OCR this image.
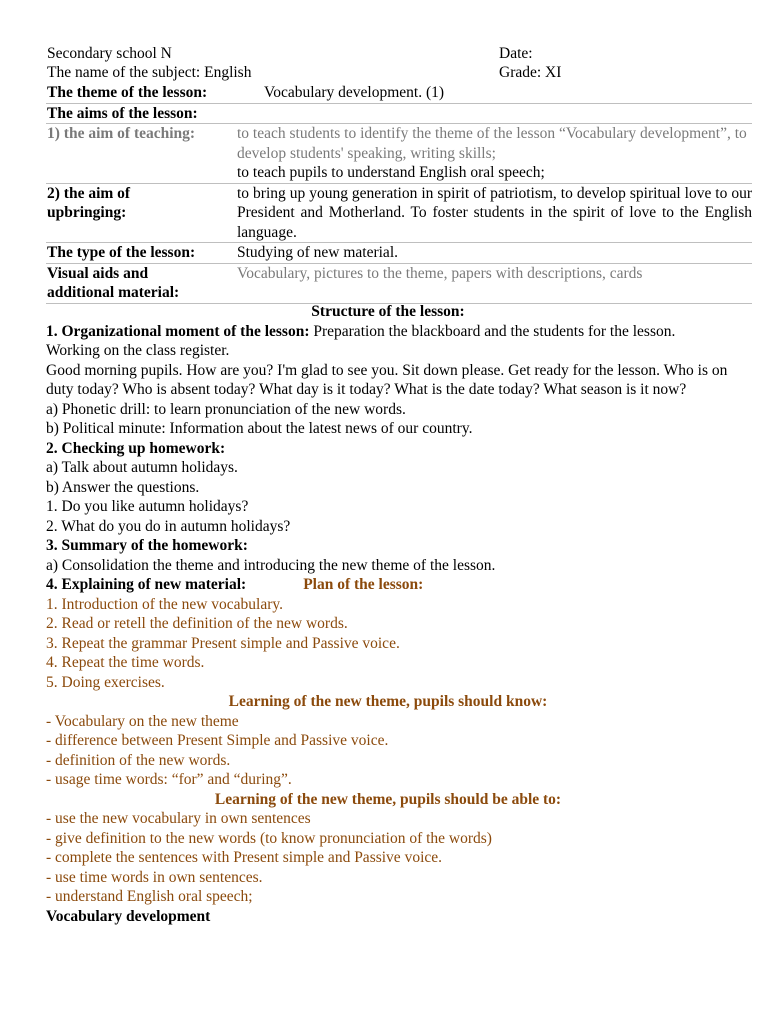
Secondary school N	Date:
The name of the subject: English	Grade: XI
The theme of the lesson:	Vocabulary development. (1)
The aims of the lesson:	
1) the aim of teaching:	to teach students to identify the theme of the lesson “Vocabulary development”, to develop students' speaking, writing skills;
to teach pupils to understand English oral speech;

2) the aim of upbringing:	to bring up young generation in spirit of patriotism, to develop spiritual love to our President and Motherland. To foster students in the spirit of love to the English language.
The type of the lesson:	Studying of new material.
Visual aids and additional material:	Vocabulary, pictures to the theme, papers with descriptions, cards

Structure of the lesson:

1. Organizational moment of the lesson: Preparation the blackboard and the students for the lesson. Working on the class register.

Good morning pupils. How are you? I'm glad to see you. Sit down please. Get ready for the lesson. Who is on duty today? Who is absent today? What day is it today? What is the date today? What season is it now?

a) Phonetic drill: to learn pronunciation of the new words.

b) Political minute: Information about the latest news of our country.

2. Checking up homework:

a) Talk about autumn holidays.

b) Answer the questions.

1. Do you like autumn holidays?

2. What do you do in autumn holidays?

3. Summary of the homework:

a) Consolidation the theme and introducing the new theme of the lesson.

4. Explaining of new material:	Plan of the lesson:

1. Introduction of the new vocabulary.

2. Read or retell the definition of the new words.

3. Repeat the grammar Present simple and Passive voice.

4. Repeat the time words.

5. Doing exercises.

Learning of the new theme, pupils should know:

- Vocabulary on the new theme

- difference between Present Simple and Passive voice.

- definition of the new words.

- usage time words: “for” and “during”.

Learning of the new theme, pupils should be able to:

- use the new vocabulary in own sentences

- give definition to the new words (to know pronunciation of the words)

- complete the sentences with Present simple and Passive voice.

- use time words in own sentences.

- understand English oral speech;

Vocabulary development
